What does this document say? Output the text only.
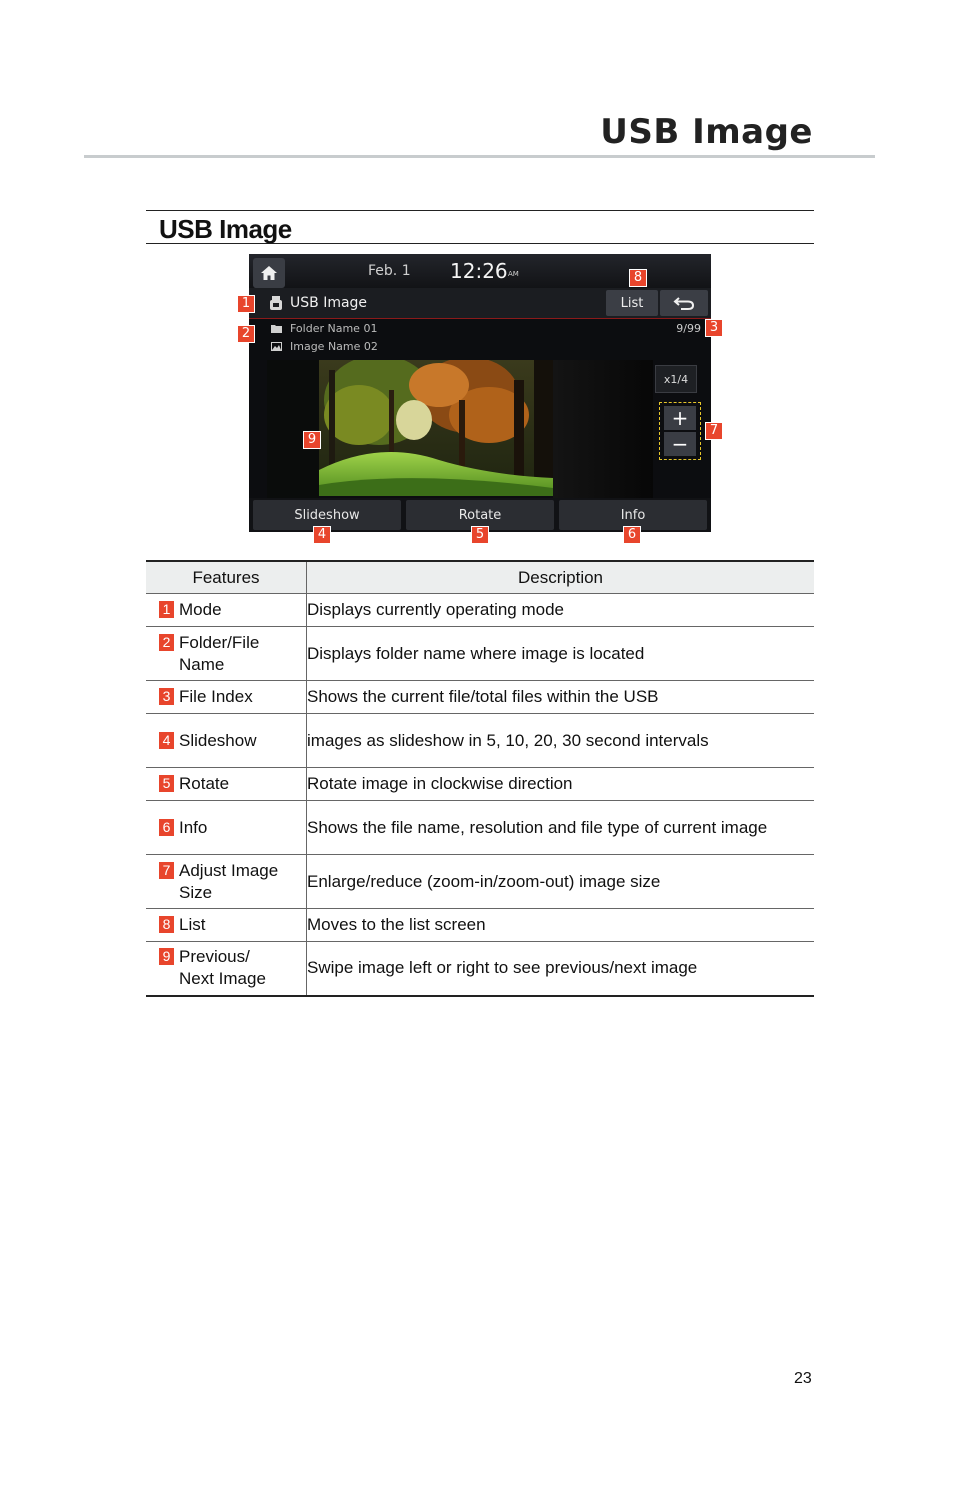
USB Image
USB Image
Feb. 1 12:26 AM
USB Image	List
Folder Name 01
Image Name 02
9/99
x1/4
+
−
Slideshow	Rotate	Info
1
2	3
4	5	6
7
8
9
Features	Description

1 Mode	Displays currently operating mode

2 Folder/File Name	Displays folder name where image is located

3 File Index	Shows the current file/total files within the USB

4 Slideshow	images as slideshow in 5, 10, 20, 30 second intervals

5 Rotate	Rotate image in clockwise direction

6 Info	Shows the file name, resolution and file type of current image

7 Adjust Image Size	Enlarge/reduce (zoom-in/zoom-out) image size

8 List	Moves to the list screen

9 Previous/ Next Image	Swipe image left or right to see previous/next image
23
